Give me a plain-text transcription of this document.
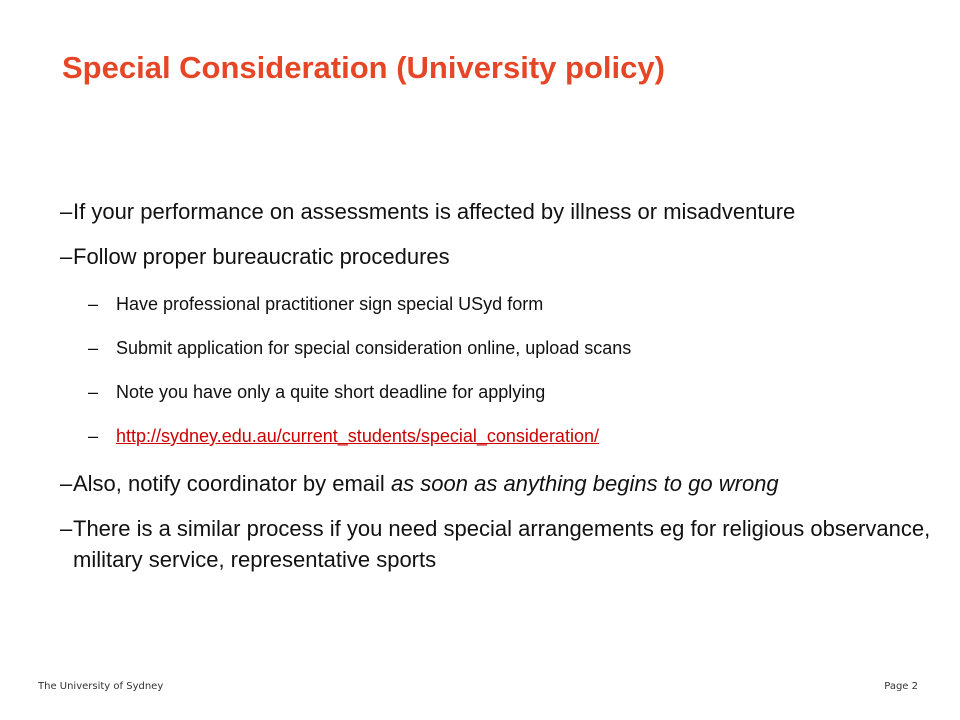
Special Consideration (University policy)
– If your performance on assessments is affected by illness or misadventure
– Follow proper bureaucratic procedures
– Have professional practitioner sign special USyd form
– Submit application for special consideration online, upload scans
– Note you have only a quite short deadline for applying
– http://sydney.edu.au/current_students/special_consideration/
– Also, notify coordinator by email as soon as anything begins to go wrong
– There is a similar process if you need special arrangements eg for religious observance, military service, representative sports
The University of Sydney	Page 2
